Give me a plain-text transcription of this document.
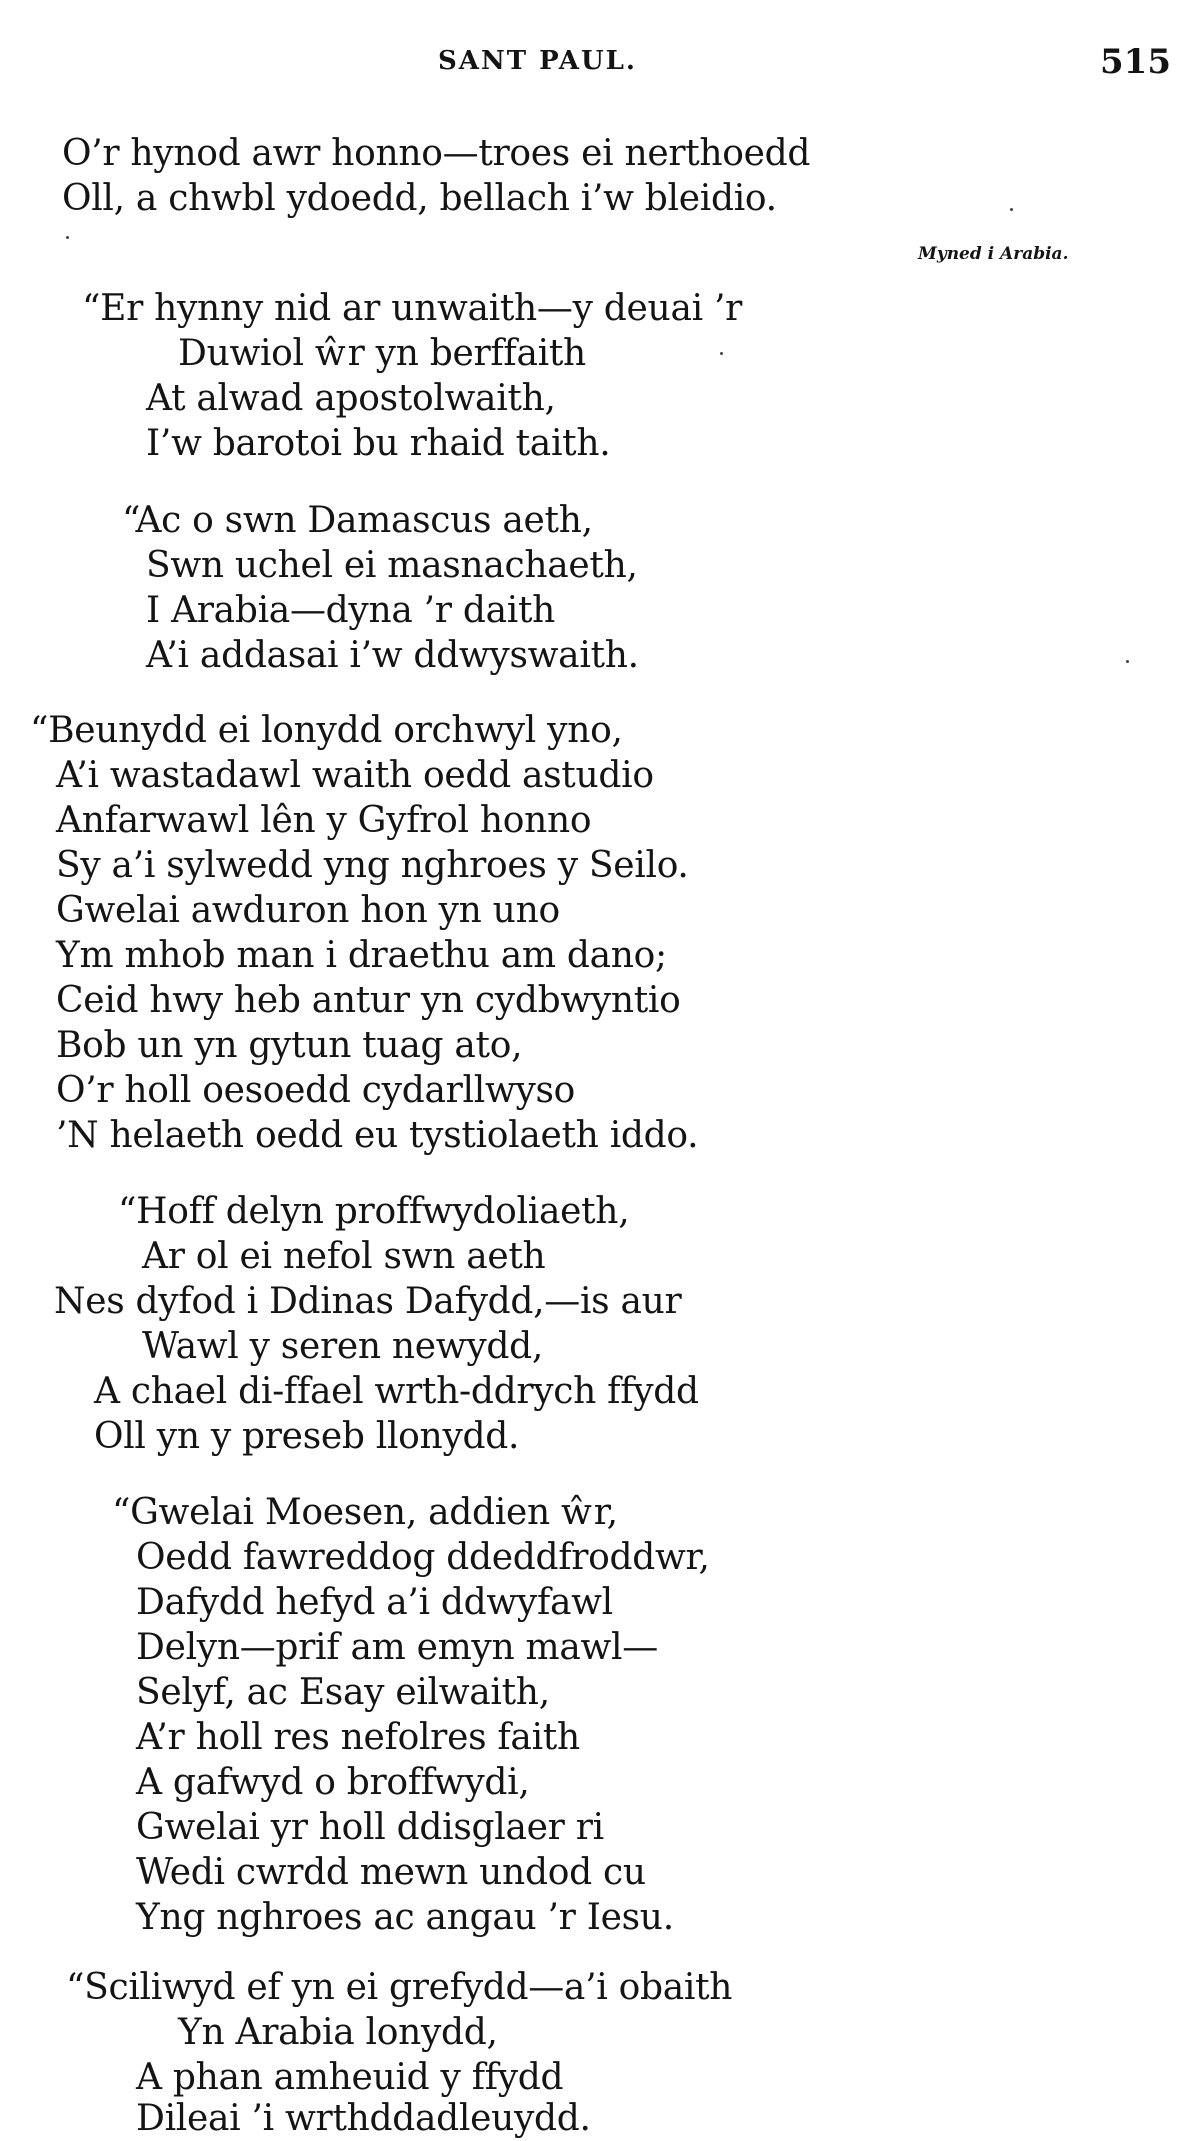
SANT PAUL.	515
Myned i Arabia.
O’r hynod awr honno—troes ei nerthoedd
Oll, a chwbl ydoedd, bellach i’w bleidio.
“Er hynny nid ar unwaith—y deuai ’r
Duwiol ŵr yn berffaith
At alwad apostolwaith,
I’w barotoi bu rhaid taith.
“Ac o swn Damascus aeth,
Swn uchel ei masnachaeth,
I Arabia—dyna ’r daith
A’i addasai i’w ddwyswaith.
“Beunydd ei lonydd orchwyl yno,
A’i wastadawl waith oedd astudio
Anfarwawl lên y Gyfrol honno
Sy a’i sylwedd yng nghroes y Seilo.
Gwelai awduron hon yn uno
Ym mhob man i draethu am dano;
Ceid hwy heb antur yn cydbwyntio
Bob un yn gytun tuag ato,
O’r holl oesoedd cydarllwyso
’N helaeth oedd eu tystiolaeth iddo.
“Hoff delyn proffwydoliaeth,
Ar ol ei nefol swn aeth
Nes dyfod i Ddinas Dafydd,—is aur
Wawl y seren newydd,
A chael di-ffael wrth-ddrych ffydd
Oll yn y preseb llonydd.
“Gwelai Moesen, addien ŵr,
Oedd fawreddog ddeddfroddwr,
Dafydd hefyd a’i ddwyfawl
Delyn—prif am emyn mawl—
Selyf, ac Esay eilwaith,
A’r holl res nefolres faith
A gafwyd o broffwydi,
Gwelai yr holl ddisglaer ri
Wedi cwrdd mewn undod cu
Yng nghroes ac angau ’r Iesu.
“Sciliwyd ef yn ei grefydd—a’i obaith
Yn Arabia lonydd,
A phan amheuid y ffydd
Dileai ’i wrthddadleuydd.
